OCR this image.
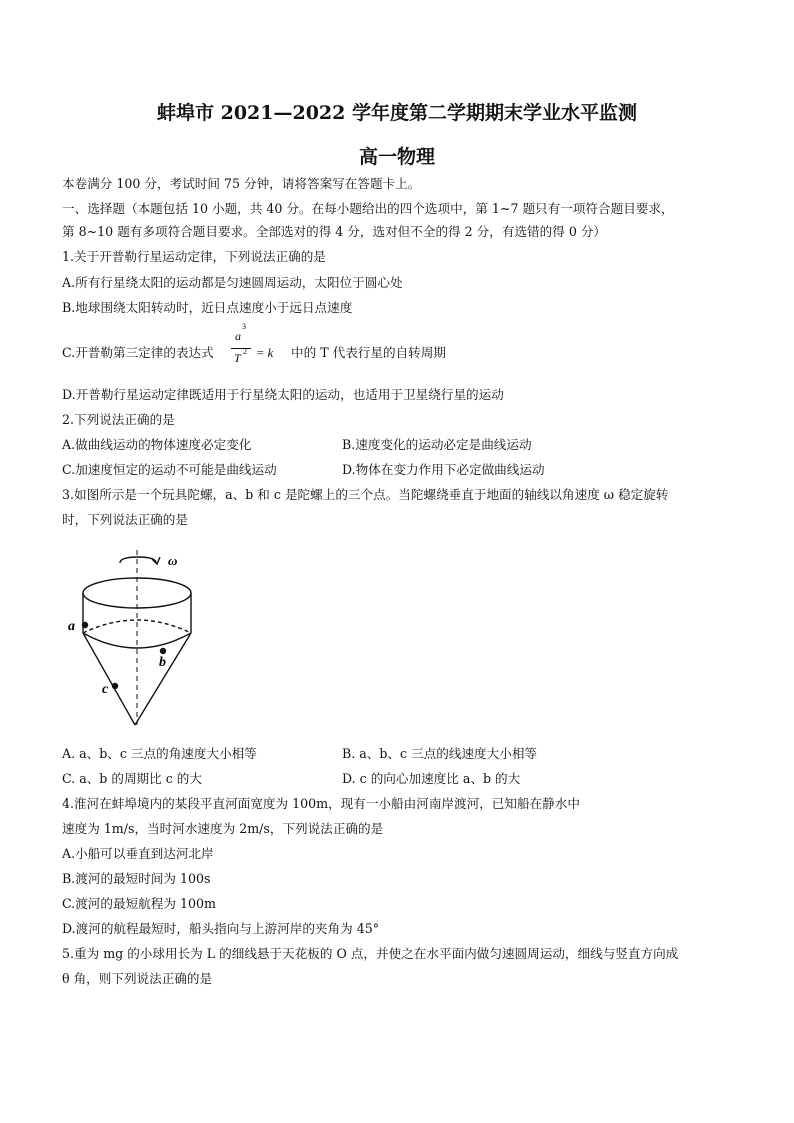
蚌埠市 2021—2022 学年度第二学期期末学业水平监测
高一物理
本卷满分 100 分，考试时间 75 分钟，请将答案写在答题卡上。
一、选择题（本题包括 10 小题，共 40 分。在每小题给出的四个选项中，第 1~7 题只有一项符合题目要求，
第 8~10 题有多项符合题目要求。全部选对的得 4 分，选对但不全的得 2 分，有选错的得 0 分）
1.关于开普勒行星运动定律，下列说法正确的是
A.所有行星绕太阳的运动都是匀速圆周运动，太阳位于圆心处
B.地球围绕太阳转动时，近日点速度小于远日点速度
C.开普勒第三定律的表达式
a
3
T 2 = k 中的 T 代表行星的自转周期
D.开普勒行星运动定律既适用于行星绕太阳的运动，也适用于卫星绕行星的运动
2.下列说法正确的是
A.做曲线运动的物体速度必定变化	B.速度变化的运动必定是曲线运动
C.加速度恒定的运动不可能是曲线运动	D.物体在变力作用下必定做曲线运动
3.如图所示是一个玩具陀螺，a、b 和 c 是陀螺上的三个点。当陀螺绕垂直于地面的轴线以角速度 ω 稳定旋转
时，下列说法正确的是
ω
a
b
c
A. a、b、c 三点的角速度大小相等	B. a、b、c 三点的线速度大小相等
C. a、b 的周期比 c 的大	D. c 的向心加速度比 a、b 的大
4.淮河在蚌埠境内的某段平直河面宽度为 100m，现有一小船由河南岸渡河，已知船在静水中
速度为 1m/s，当时河水速度为 2m/s，下列说法正确的是
A.小船可以垂直到达河北岸
B.渡河的最短时间为 100s
C.渡河的最短航程为 100m
D.渡河的航程最短时，船头指向与上游河岸的夹角为 45°
5.重为 mg 的小球用长为 L 的细线悬于天花板的 O 点，并使之在水平面内做匀速圆周运动，细线与竖直方向成
θ 角，则下列说法正确的是
